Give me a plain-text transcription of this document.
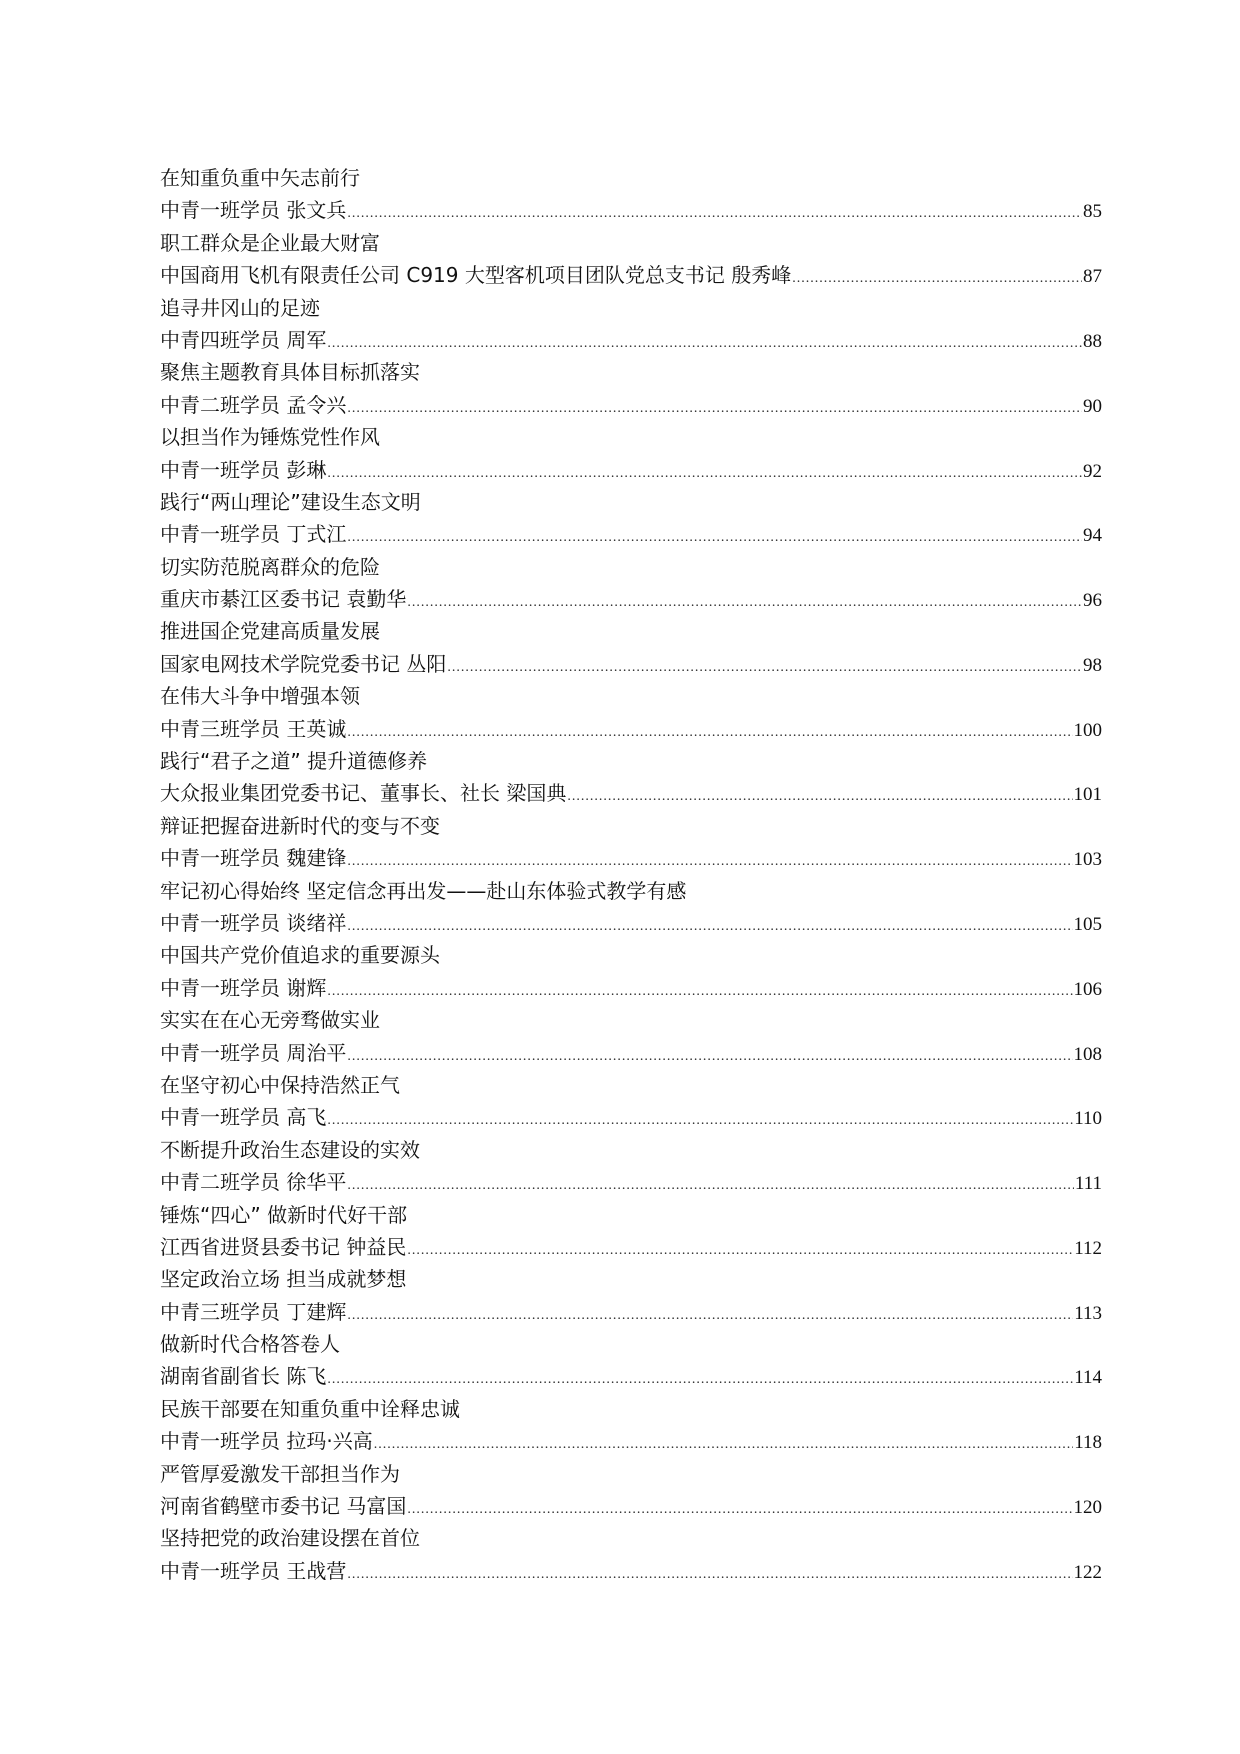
在知重负重中矢志前行
中青一班学员 张文兵 .....	85
职工群众是企业最大财富
中国商用飞机有限责任公司 C919 大型客机项目团队党总支书记 殷秀峰 .....	87
追寻井冈山的足迹
中青四班学员 周军 .....	88
聚焦主题教育具体目标抓落实
中青二班学员 孟令兴 .....	90
以担当作为锤炼党性作风
中青一班学员 彭琳 .....	92
践行“两山理论”建设生态文明
中青一班学员 丁式江 .....	94
切实防范脱离群众的危险
重庆市綦江区委书记 袁勤华 .....	96
推进国企党建高质量发展
国家电网技术学院党委书记 丛阳 .....	98
在伟大斗争中增强本领
中青三班学员 王英诚 .....	100
践行“君子之道” 提升道德修养
大众报业集团党委书记、董事长、社长 梁国典 .....	101
辩证把握奋进新时代的变与不变
中青一班学员 魏建锋 .....	103
牢记初心得始终 坚定信念再出发——赴山东体验式教学有感
中青一班学员 谈绪祥 .....	105
中国共产党价值追求的重要源头
中青一班学员 谢辉 .....	106
实实在在心无旁骛做实业
中青一班学员 周治平 .....	108
在坚守初心中保持浩然正气
中青一班学员 高飞 .....	110
不断提升政治生态建设的实效
中青二班学员 徐华平 .....	111
锤炼“四心” 做新时代好干部
江西省进贤县委书记 钟益民 .....	112
坚定政治立场 担当成就梦想
中青三班学员 丁建辉 .....	113
做新时代合格答卷人
湖南省副省长 陈飞 .....	114
民族干部要在知重负重中诠释忠诚
中青一班学员 拉玛·兴高 .....	118
严管厚爱激发干部担当作为
河南省鹤壁市委书记 马富国 .....	120
坚持把党的政治建设摆在首位
中青一班学员 王战营 .....	122
